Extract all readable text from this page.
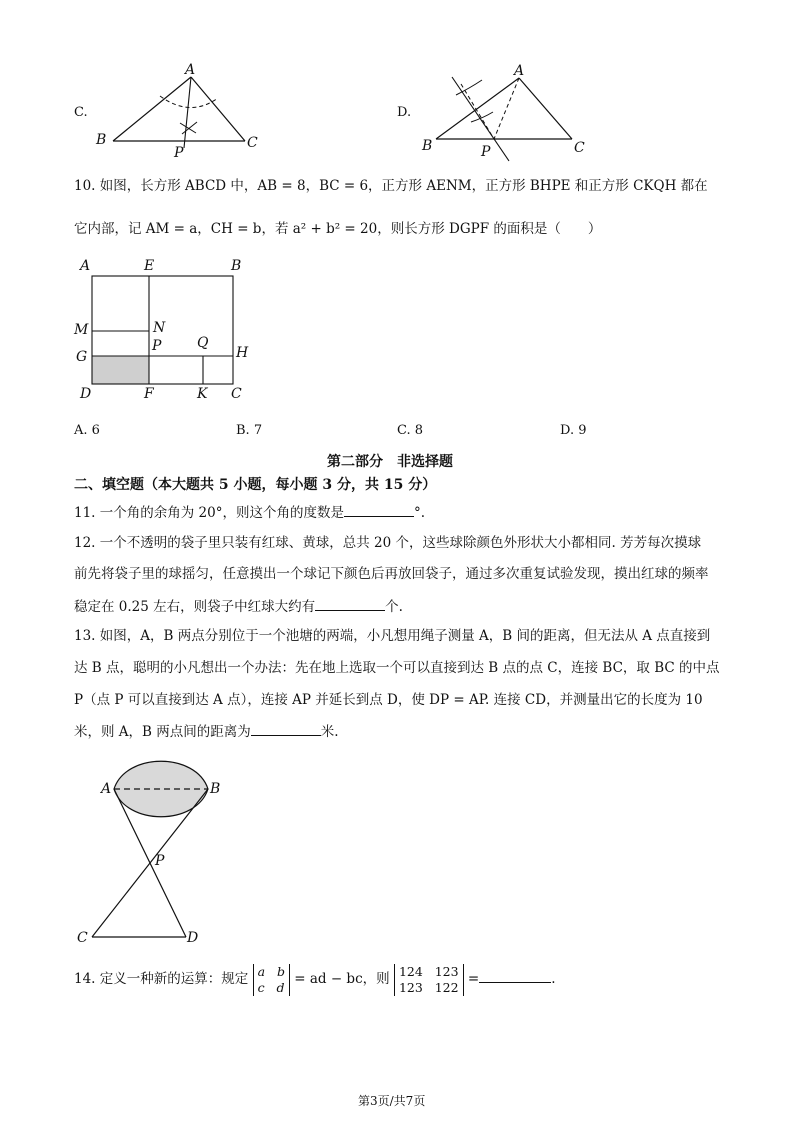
C.
A
B	C
P
D.
A
B	C
P
10. 如图，长方形 ABCD 中，AB = 8，BC = 6，正方形 AENM，正方形 BHPE 和正方形 CKQH 都在
它内部，记 AM = a，CH = b，若 a² + b² = 20，则长方形 DGPF 的面积是（　　）
A	E	B
M	N
G
P	Q
H
D	F	K C
A. 6	B. 7	C. 8	D. 9
第二部分　非选择题
二、填空题（本大题共 5 小题，每小题 3 分，共 15 分）
11. 一个角的余角为 20°，则这个角的度数是	°.
12. 一个不透明的袋子里只装有红球、黄球，总共 20 个，这些球除颜色外形状大小都相同. 芳芳每次摸球
前先将袋子里的球摇匀，任意摸出一个球记下颜色后再放回袋子，通过多次重复试验发现，摸出红球的频率
稳定在 0.25 左右，则袋子中红球大约有	个.
13. 如图，A，B 两点分别位于一个池塘的两端，小凡想用绳子测量 A，B 间的距离，但无法从 A 点直接到
达 B 点，聪明的小凡想出一个办法：先在地上选取一个可以直接到达 B 点的点 C，连接 BC，取 BC 的中点
P（点 P 可以直接到达 A 点），连接 AP 并延长到点 D，使 DP = AP. 连接 CD，并测量出它的长度为 10
米，则 A，B 两点间的距离为	米.
A	B
P
C	D
14. 定义一种新的运算：规定 a b
c d = ad − bc，则 124 123
123 122 =	.
第3页/共7页
